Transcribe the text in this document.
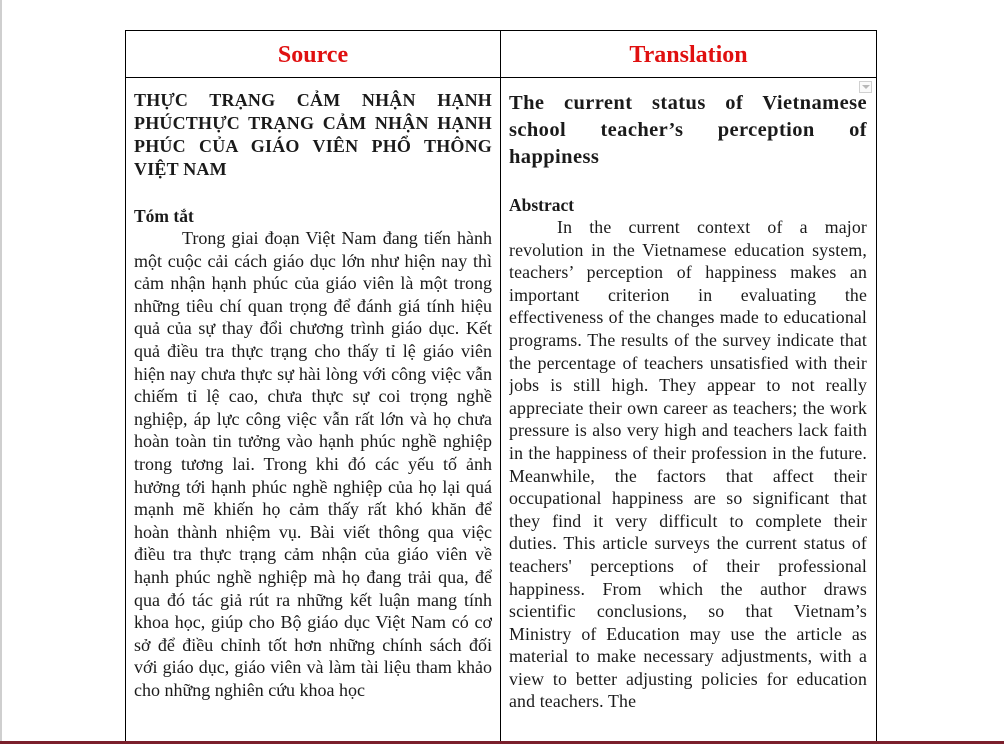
Source	Translation

THỰC TRẠNG CẢM NHẬN HẠNH PHÚCTHỰC TRẠNG CẢM NHẬN HẠNH PHÚC CỦA GIÁO VIÊN PHỔ THÔNG VIỆT NAM

Tóm tắt

Trong giai đoạn Việt Nam đang tiến hành một cuộc cải cách giáo dục lớn như hiện nay thì cảm nhận hạnh phúc của giáo viên là một trong những tiêu chí quan trọng để đánh giá tính hiệu quả của sự thay đổi chương trình giáo dục. Kết quả điều tra thực trạng cho thấy tỉ lệ giáo viên hiện nay chưa thực sự hài lòng với công việc vẫn chiếm tỉ lệ cao, chưa thực sự coi trọng nghề nghiệp, áp lực công việc vẫn rất lớn và họ chưa hoàn toàn tin tưởng vào hạnh phúc nghề nghiệp trong tương lai. Trong khi đó các yếu tố ảnh hưởng tới hạnh phúc nghề nghiệp của họ lại quá mạnh mẽ khiến họ cảm thấy rất khó khăn để hoàn thành nhiệm vụ. Bài viết thông qua việc điều tra thực trạng cảm nhận của giáo viên về hạnh phúc nghề nghiệp mà họ đang trải qua, để qua đó tác giả rút ra những kết luận mang tính khoa học, giúp cho Bộ giáo dục Việt Nam có cơ sở để điều chỉnh tốt hơn những chính sách đối với giáo dục, giáo viên và làm tài liệu tham khảo cho những nghiên cứu khoa học

The current status of Vietnamese school teacher’s perception of happiness

Abstract

In the current context of a major revolution in the Vietnamese education system, teachers’ perception of happiness makes an important criterion in evaluating the effectiveness of the changes made to educational programs. The results of the survey indicate that the percentage of teachers unsatisfied with their jobs is still high. They appear to not really appreciate their own career as teachers; the work pressure is also very high and teachers lack faith in the happiness of their profession in the future. Meanwhile, the factors that affect their occupational happiness are so significant that they find it very difficult to complete their duties. This article surveys the current status of teachers' perceptions of their professional happiness. From which the author draws scientific conclusions, so that Vietnam’s Ministry of Education may use the article as material to make necessary adjustments, with a view to better adjusting policies for education and teachers. The
